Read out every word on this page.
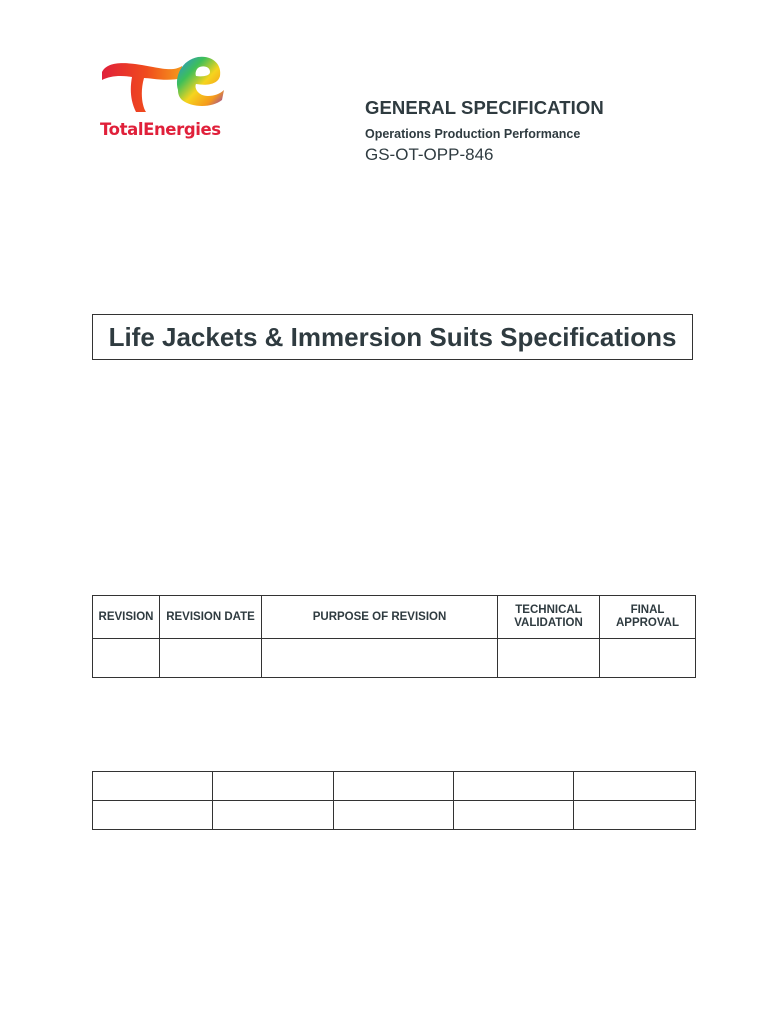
TotalEnergies
GENERAL SPECIFICATION
Operations Production Performance
GS-OT-OPP-846
Life Jackets & Immersion Suits Specifications
REVISION	REVISION DATE	PURPOSE OF REVISION	TECHNICAL VALIDATION	FINAL APPROVAL
